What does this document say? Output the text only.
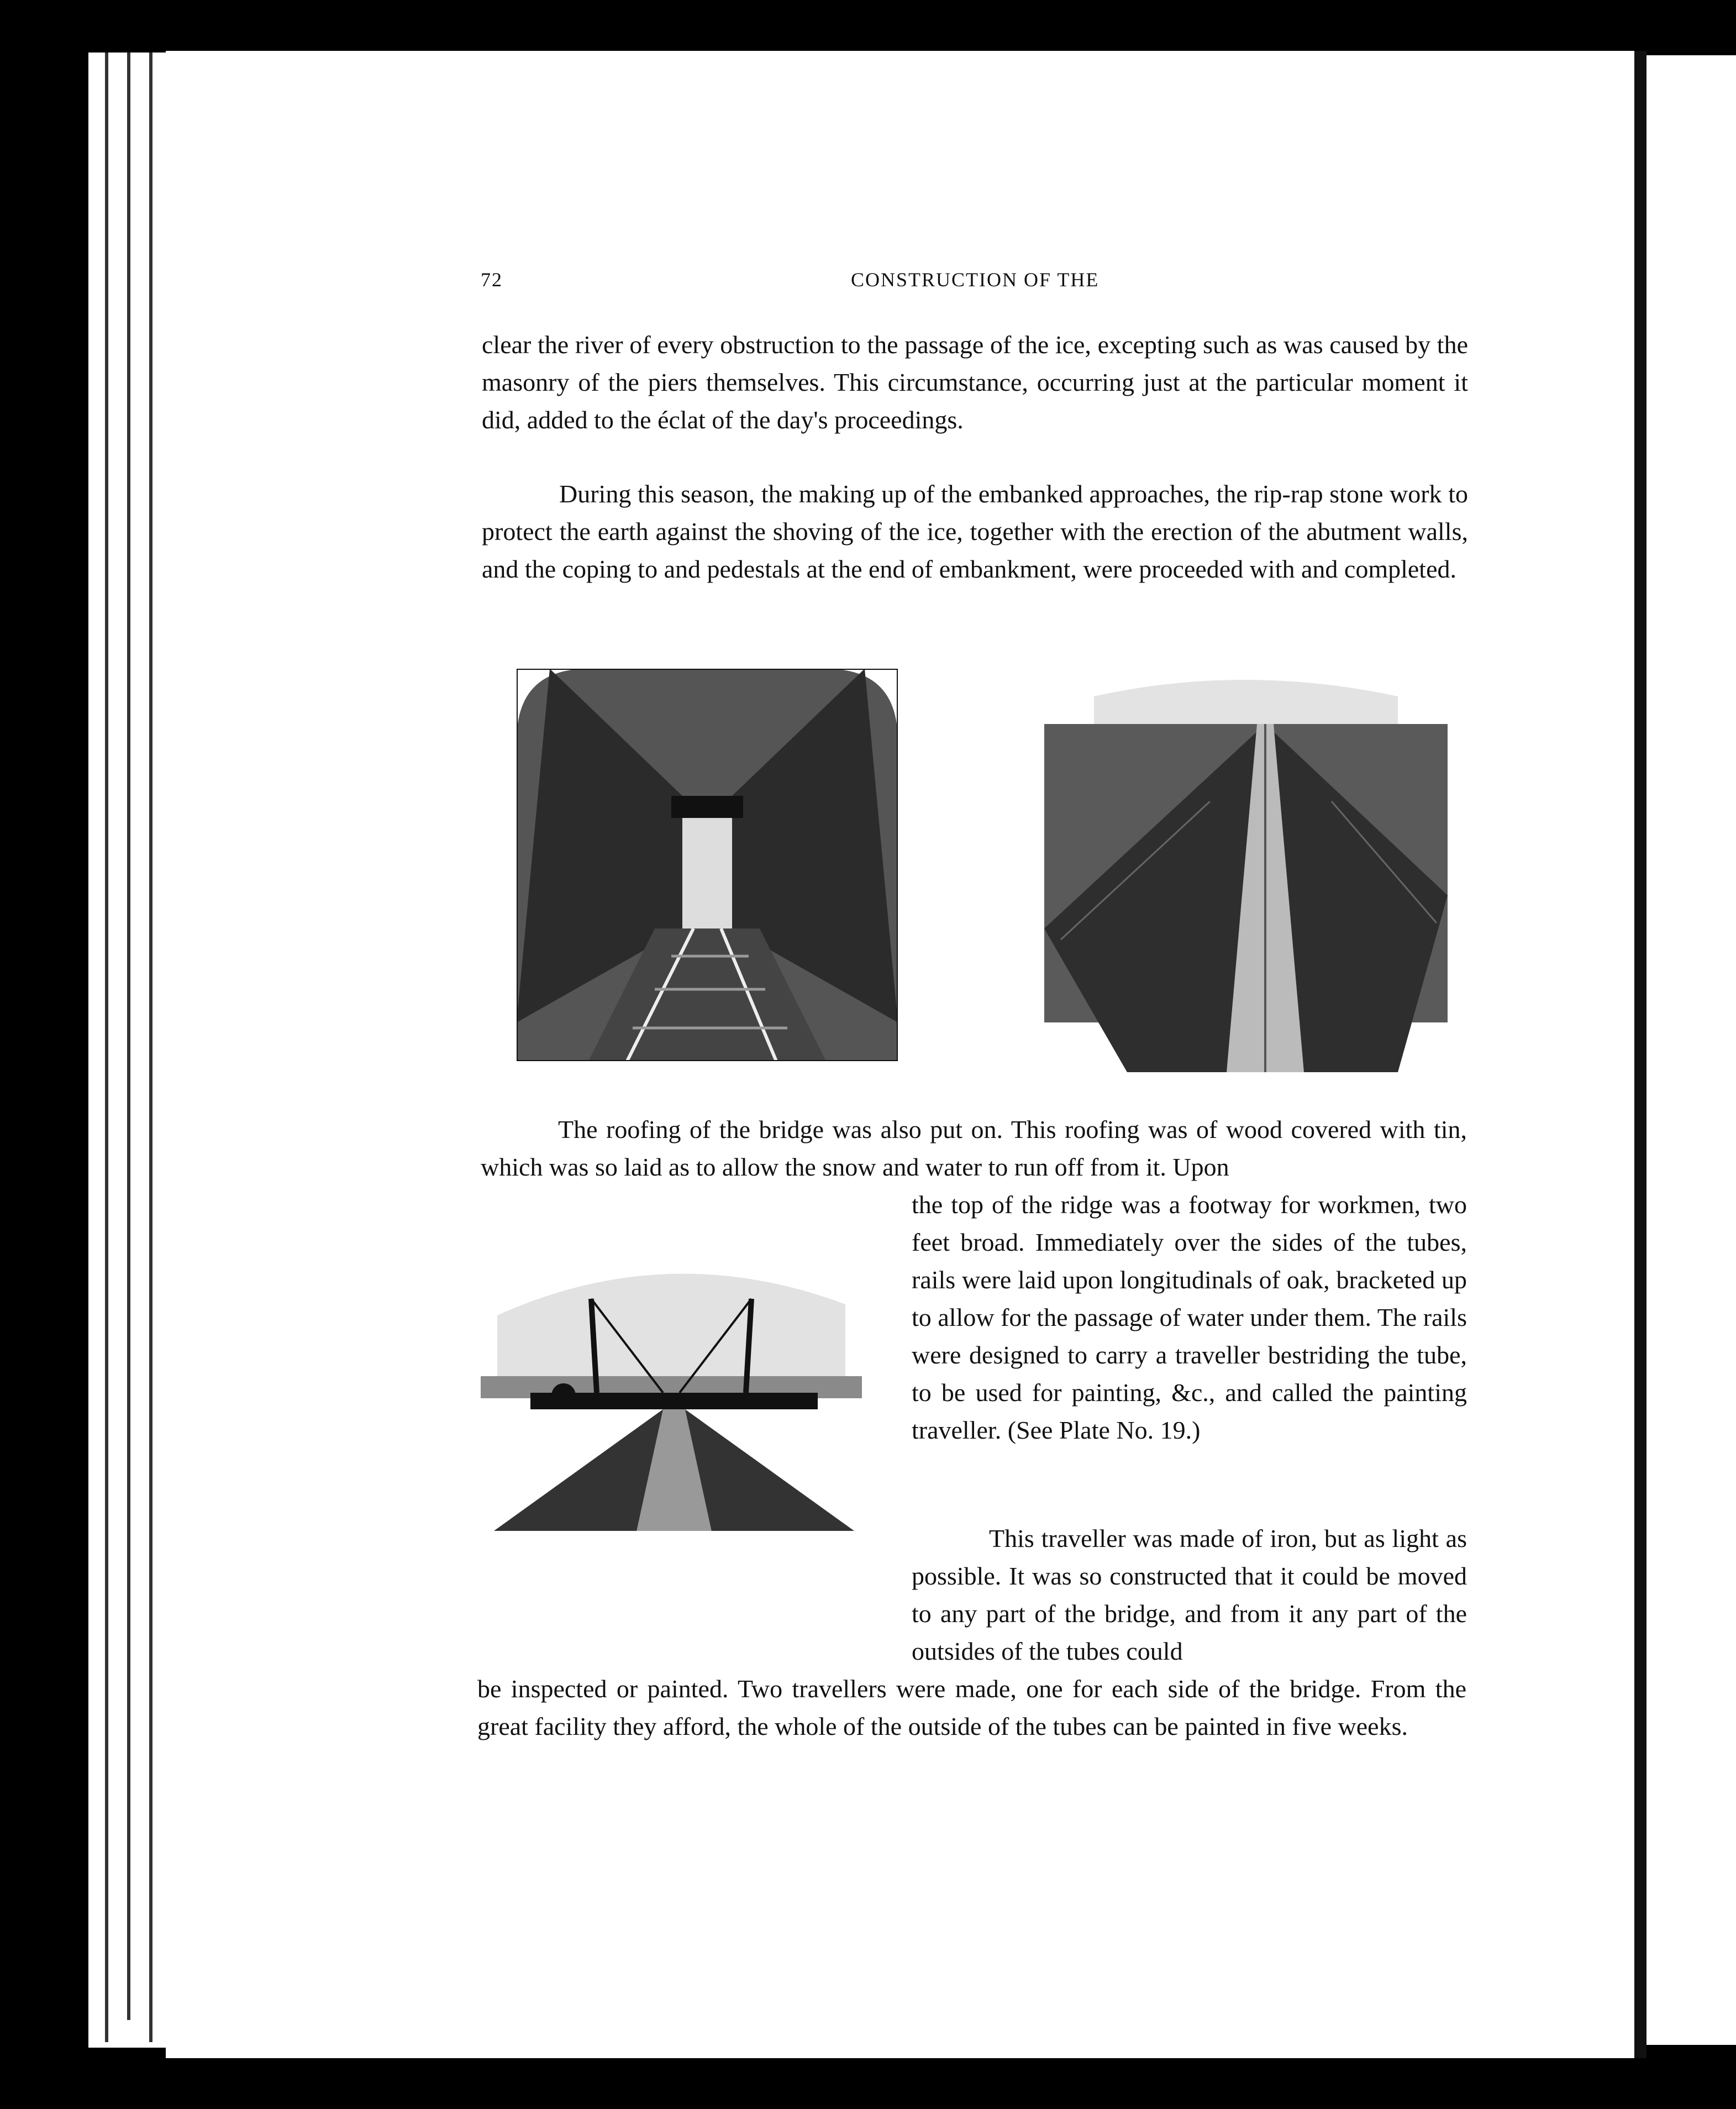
72	CONSTRUCTION OF THE

clear the river of every obstruction to the passage of the ice, excepting such as was caused by the masonry of the piers themselves. This circumstance, occurring just at the particular moment it did, added to the éclat of the day's proceedings.

During this season, the making up of the embanked approaches, the rip-rap stone work to protect the earth against the shoving of the ice, together with the erection of the abutment walls, and the coping to and pedestals at the end of embankment, were proceeded with and completed.

The roofing of the bridge was also put on. This roofing was of wood covered with tin, which was so laid as to allow the snow and water to run off from it. Upon

the top of the ridge was a footway for workmen, two feet broad. Immediately over the sides of the tubes, rails were laid upon longitudinals of oak, bracketed up to allow for the passage of water under them. The rails were designed to carry a traveller bestriding the tube, to be used for painting, &c., and called the painting traveller. (See Plate No. 19.)

This traveller was made of iron, but as light as possible. It was so constructed that it could be moved to any part of the bridge, and from it any part of the outsides of the tubes could

be inspected or painted. Two travellers were made, one for each side of the bridge. From the great facility they afford, the whole of the outside of the tubes can be painted in five weeks.
